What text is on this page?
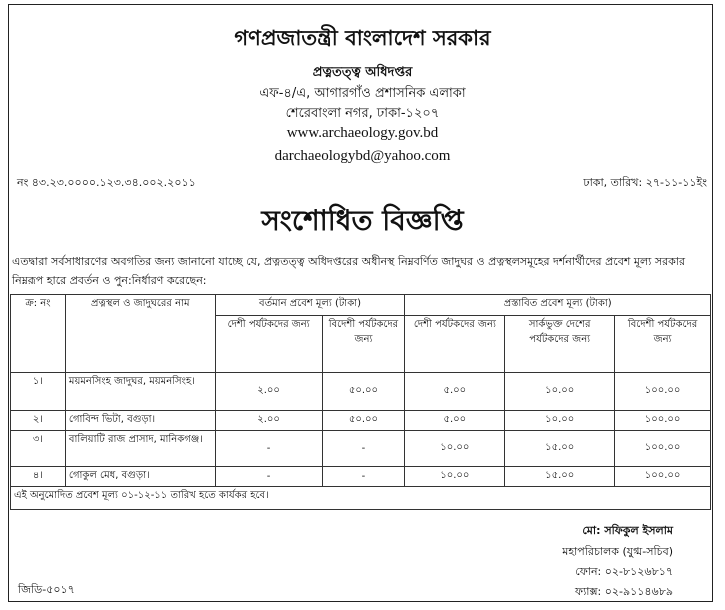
গণপ্রজাতন্ত্রী বাংলাদেশ সরকার
প্রত্নতত্ত্ব অধিদপ্তর
এফ-৪/এ, আগারগাঁও প্রশাসনিক এলাকা
শেরেবাংলা নগর, ঢাকা-১২০৭
www.archaeology.gov.bd
darchaeologybd@yahoo.com
নং ৪৩.২৩.০০০০.১২৩.৩৪.০০২.২০১১	ঢাকা, তারিখ: ২৭-১১-১১ইং
সংশোধিত বিজ্ঞপ্তি
এতদ্বারা সর্বসাধারণের অবগতির জন্য জানানো যাচ্ছে যে, প্রত্নতত্ত্ব অধিদপ্তরের অধীনস্থ নিম্নবর্ণিত জাদুঘর ও প্রত্নস্থলসমূহের দর্শনার্থীদের প্রবেশ মূল্য সরকার নিম্নরূপ হারে প্রবর্তন ও পুন:নির্ধারণ করেছেন:
ক্র: নং	প্রত্নস্থল ও জাদুঘরের নাম	বর্তমান প্রবেশ মূল্য (টাকা)		প্রস্তাবিত প্রবেশ মূল্য (টাকা)		
		দেশী পর্যটকদের জন্য	বিদেশী পর্যটকদের জন্য	দেশী পর্যটকদের জন্য	সার্কভুক্ত দেশের পর্যটকদের জন্য	বিদেশী পর্যটকদের জন্য
১।	ময়মনসিংহ জাদুঘর, ময়মনসিংহ।	২.০০	৫০.০০	৫.০০	১০.০০	১০০.০০
২।	গোবিন্দ ভিটা, বগুড়া।	২.০০	৫০.০০	৫.০০	১০.০০	১০০.০০
৩।	বালিয়াটি রাজ প্রাসাদ, মানিকগঞ্জ।	-	-	১০.০০	১৫.০০	১০০.০০
৪।	গোকুল মেধ, বগুড়া।	-	-	১০.০০	১৫.০০	১০০.০০
এই অনুমোদিত প্রবেশ মূল্য ০১-১২-১১ তারিখ হতে কার্যকর হবে।						
মো: সফিকুল ইসলাম
মহাপরিচালক (যুগ্ম-সচিব)
ফোন: ০২-৮১২৬৮১৭
ফ্যাক্স: ০২-৯১১৪৬৮৯
জিডি-৫০১৭
